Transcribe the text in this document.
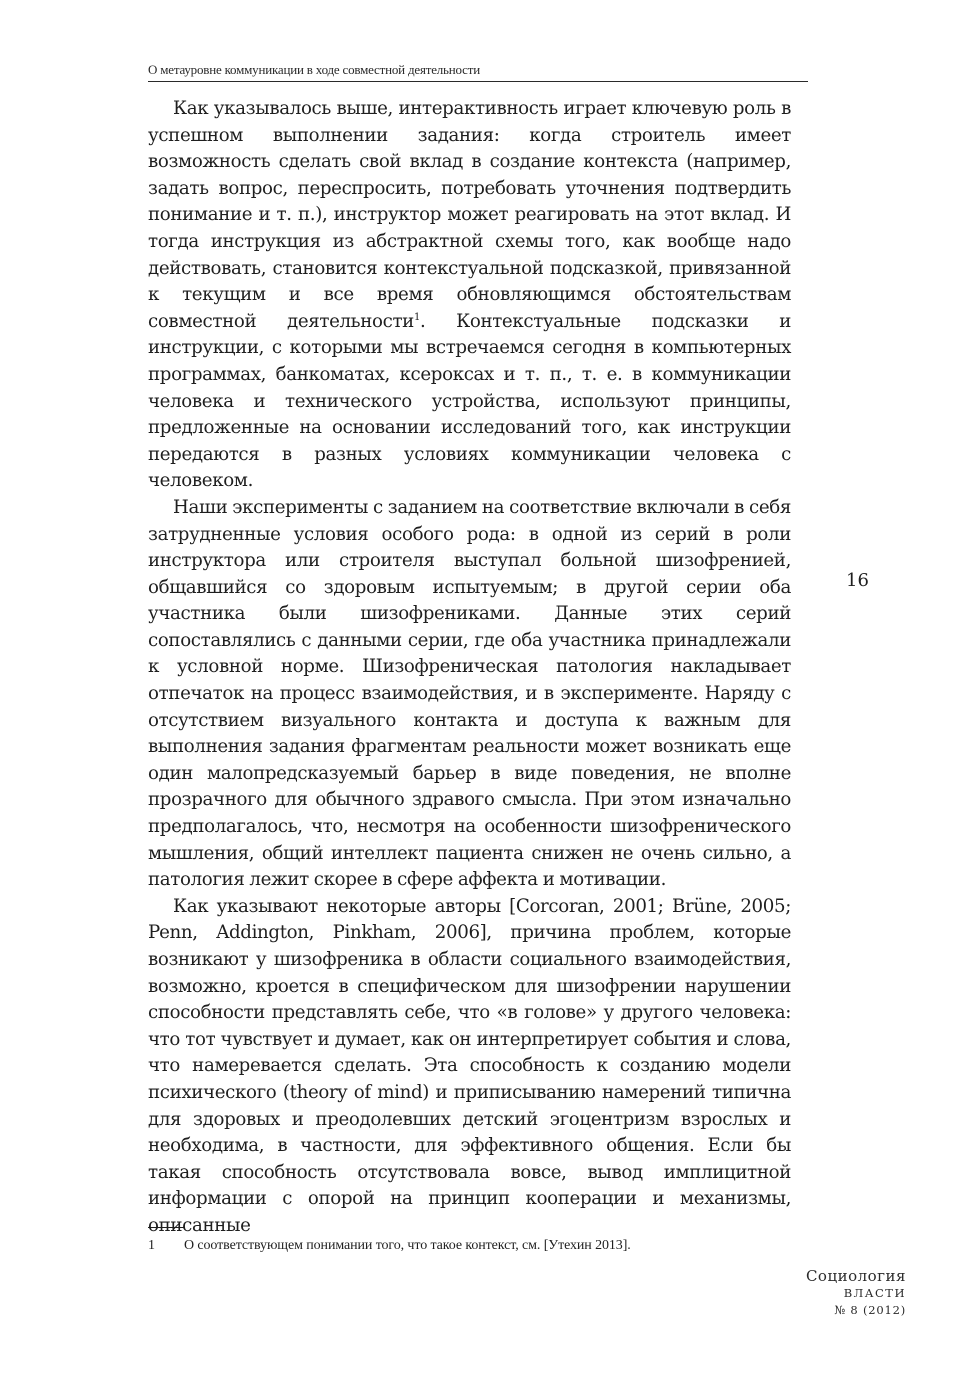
О метауровне коммуникации в ходе совместной деятельности

Как указывалось выше, интерактивность играет ключевую роль в успешном выполнении задания: когда строитель имеет возможность сделать свой вклад в создание контекста (например, задать вопрос, переспросить, потребовать уточнения подтвердить понимание и т. п.), инструктор может реагировать на этот вклад. И тогда инструкция из абстрактной схемы того, как вообще надо действовать, становится контекстуальной подсказкой, привязанной к текущим и все время обновляющимся обстоятельствам совместной деятельности$^1$. Контекстуальные подсказки и инструкции, с которыми мы встречаемся сегодня в компьютерных программах, банкоматах, ксероксах и т. п., т. е. в коммуникации человека и технического устройства, используют принципы, предложенные на основании исследований того, как инструкции передаются в разных условиях коммуникации человека с человеком.

Наши эксперименты с заданием на соответствие включали в себя затрудненные условия особого рода: в одной из серий в роли инструктора или строителя выступал больной шизофренией, общавшийся со здоровым испытуемым; в другой серии оба участника были шизофрениками. Данные этих серий сопоставлялись с данными серии, где оба участника принадлежали к условной норме. Шизофреническая патология накладывает отпечаток на процесс взаимодействия, и в эксперименте. Наряду с отсутствием визуального контакта и доступа к важным для выполнения задания фрагментам реальности может возникать еще один малопредсказуемый барьер в виде поведения, не вполне прозрачного для обычного здравого смысла. При этом изначально предполагалось, что, несмотря на особенности шизофренического мышления, общий интеллект пациента снижен не очень сильно, а патология лежит скорее в сфере аффекта и мотивации.

Как указывают некоторые авторы [Corcoran, 2001; Brüne, 2005; Penn, Addington, Pinkham, 2006], причина проблем, которые возникают у шизофреника в области социального взаимодействия, возможно, кроется в специфическом для шизофрении нарушении способности представлять себе, что «в голове» у другого человека: что тот чувствует и думает, как он интерпретирует события и слова, что намеревается сделать. Эта способность к созданию модели психического (theory of mind) и приписыванию намерений типична для здоровых и преодолевших детский эгоцентризм взрослых и необходима, в частности, для эффективного общения. Если бы такая способность отсутствовала вовсе, вывод имплицитной информации с опорой на принцип кооперации и механизмы, описанные

16
1 О соответствующем понимании того, что такое контекст, см. [Утехин 2013].
Социология
ВЛАСТИ
№ 8 (2012)
